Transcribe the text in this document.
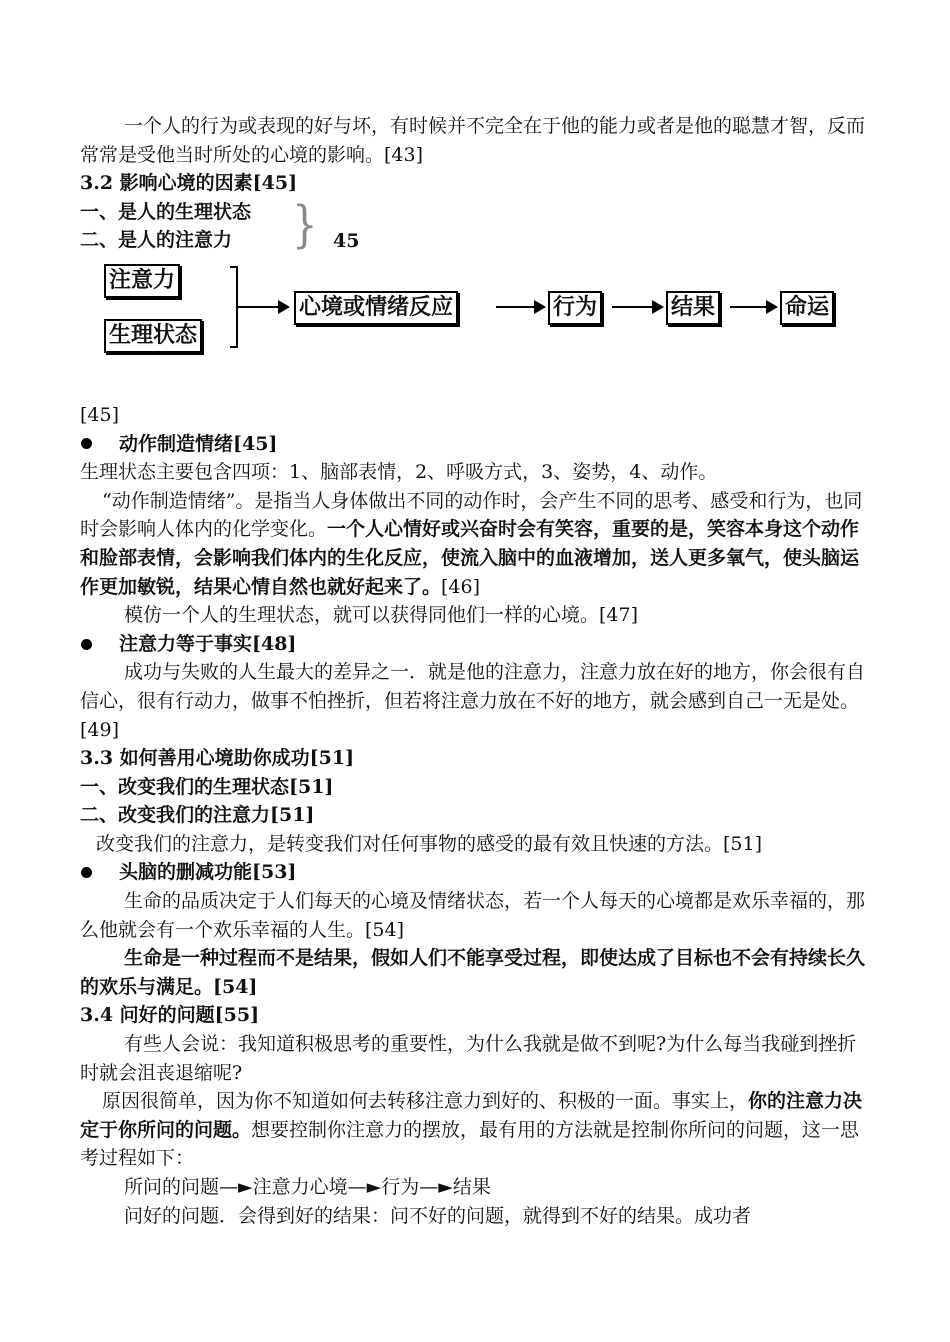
一个人的行为或表现的好与坏，有时候并不完全在于他的能力或者是他的聪慧才智，反而常常是受他当时所处的心境的影响。[43]

3.2 影响心境的因素[45]

一、是人的生理状态

二、是人的注意力	} 45
注意力
生理状态
心境或情绪反应	行为	结果	命运

[45]

动作制造情绪[45]

生理状态主要包含四项：1、脑部表情，2、呼吸方式，3、姿势，4、动作。

“动作制造情绪”。是指当人身体做出不同的动作时，会产生不同的思考、感受和行为，也同时会影响人体内的化学变化。一个人心情好或兴奋时会有笑容，重要的是，笑容本身这个动作和脸部表情，会影响我们体内的生化反应，使流入脑中的血液增加，送人更多氧气，使头脑运作更加敏锐，结果心情自然也就好起来了。[46]

模仿一个人的生理状态，就可以获得同他们一样的心境。[47]

注意力等于事实[48]

成功与失败的人生最大的差异之一．就是他的注意力，注意力放在好的地方，你会很有自信心，很有行动力，做事不怕挫折，但若将注意力放在不好的地方，就会感到自己一无是处。[49]

3.3 如何善用心境助你成功[51]

一、改变我们的生理状态[51]

二、改变我们的注意力[51]

改变我们的注意力，是转变我们对任何事物的感受的最有效且快速的方法。[51]

头脑的删减功能[53]

生命的品质决定于人们每天的心境及情绪状态，若一个人每天的心境都是欢乐幸福的，那么他就会有一个欢乐幸福的人生。[54]

生命是一种过程而不是结果，假如人们不能享受过程，即使达成了目标也不会有持续长久的欢乐与满足。[54]

3.4 问好的问题[55]

有些人会说：我知道积极思考的重要性，为什么我就是做不到呢?为什么每当我碰到挫折时就会沮丧退缩呢?

原因很简单，因为你不知道如何去转移注意力到好的、积极的一面。事实上，你的注意力决定于你所问的问题。想要控制你注意力的摆放，最有用的方法就是控制你所问的问题，这一思考过程如下：

所问的问题—►注意力心境—►行为—►结果

问好的问题．会得到好的结果：问不好的问题，就得到不好的结果。成功者
